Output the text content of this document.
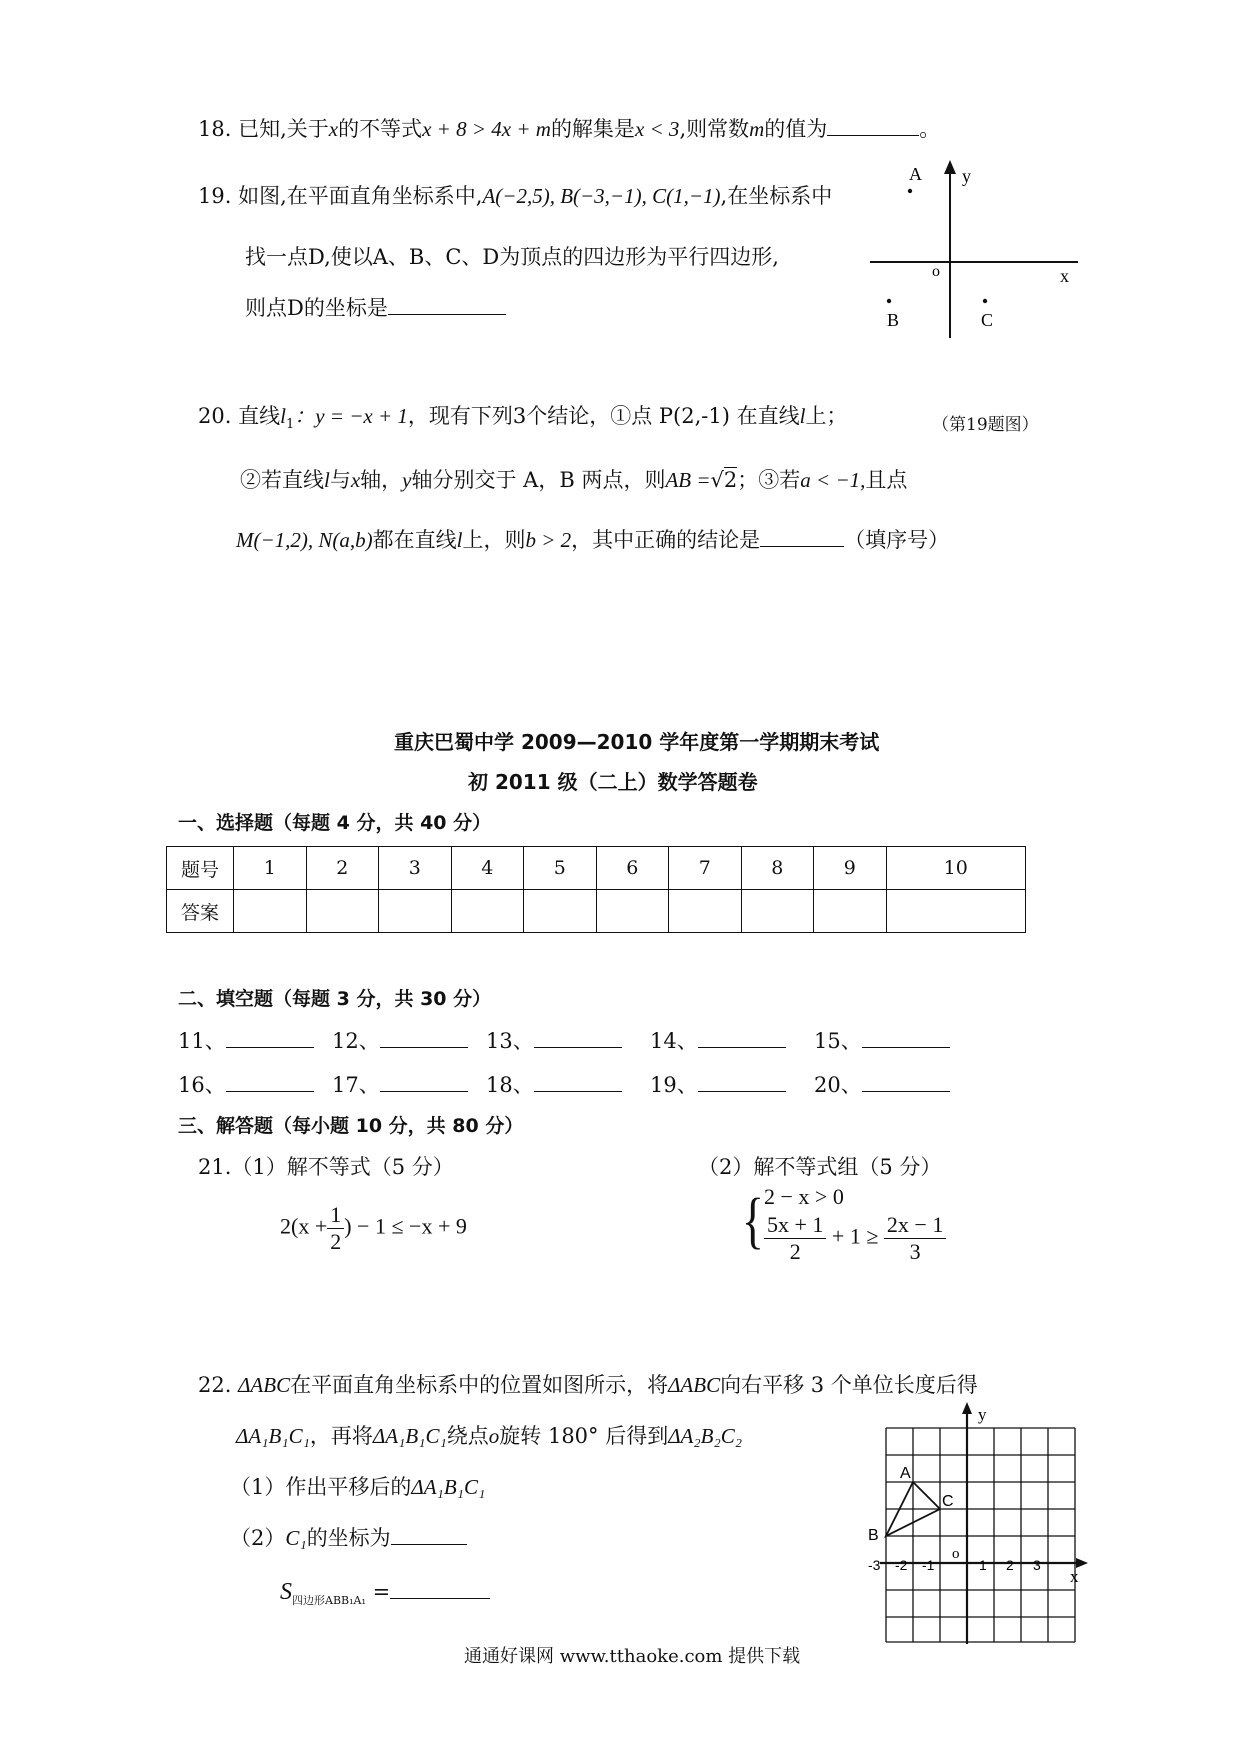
18. 已知,关于x的不等式x + 8 > 4x + m的解集是x < 3,则常数m的值为	。
19. 如图,在平面直角坐标系中,A(−2,5), B(−3,−1), C(1,−1),在坐标系中
找一点D,使以A、B、C、D为顶点的四边形为平行四边形,
则点D的坐标是
A
B	C
o	x
y
（第19题图）
20. 直线$l_1$：y = −x + 1，现有下列3个结论，①点 P(2,-1) 在直线l上；
②若直线l与x轴，y轴分别交于 A，B 两点，则AB =√2；③若a < −1,且点
M(−1,2), N(a,b)都在直线l上，则b > 2，其中正确的结论是	（填序号）
重庆巴蜀中学 2009—2010 学年度第一学期期末考试
初 2011 级（二上）数学答题卷
一、选择题（每题 4 分，共 40 分）
题号	1	2	3	4	5	6	7	8	9	10
答案										
二、填空题（每题 3 分，共 30 分）
11、	12、	13、	14、	15、
16、	17、	18、	19、	20、
三、解答题（每小题 10 分，共 80 分）
21.（1）解不等式（5 分）	（2）解不等式组（5 分）
$2(x + \frac{1}{2}$ ) − 1 ≤ −x + 9	{ 2 − x > 0
$\frac{5x + 1}{2} + 1 \ge \frac{2x - 1}{3}$
22. ΔABC在平面直角坐标系中的位置如图所示，将ΔABC向右平移 3 个单位长度后得
ΔA₁B₁C₁，再将ΔA₁B₁C₁绕点o旋转 180° 后得到ΔA₂B₂C₂
（1）作出平移后的ΔA₁B₁C₁
（2）C₁的坐标为
$S_{四边形ABB_1A_1}$ =
A
B
C
o
x
y
-3 -2 -1	1 2 3
通通好课网 www.tthaoke.com 提供下载
